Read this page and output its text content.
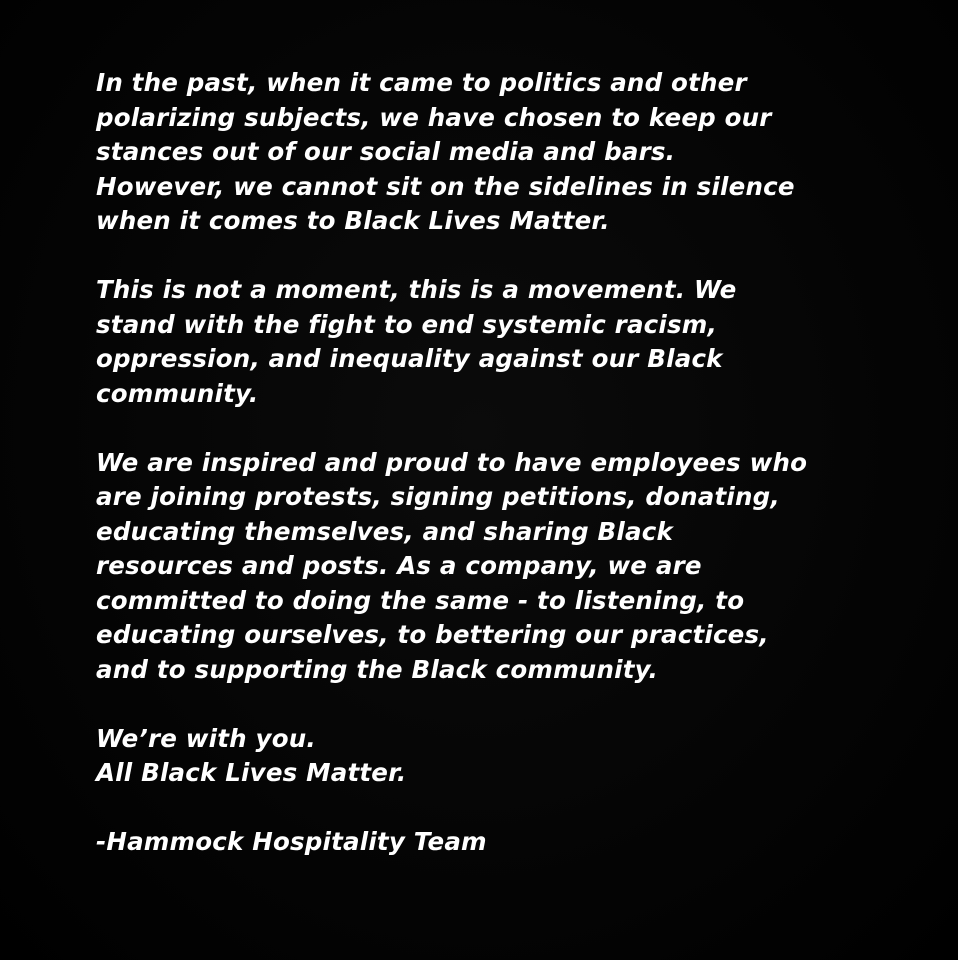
In the past, when it came to politics and other
polarizing subjects, we have chosen to keep our
stances out of our social media and bars.
However, we cannot sit on the sidelines in silence
when it comes to Black Lives Matter.
This is not a moment, this is a movement. We
stand with the fight to end systemic racism,
oppression, and inequality against our Black
community.
We are inspired and proud to have employees who
are joining protests, signing petitions, donating,
educating themselves, and sharing Black
resources and posts. As a company, we are
committed to doing the same - to listening, to
educating ourselves, to bettering our practices,
and to supporting the Black community.
We’re with you.
All Black Lives Matter.
-Hammock Hospitality Team
